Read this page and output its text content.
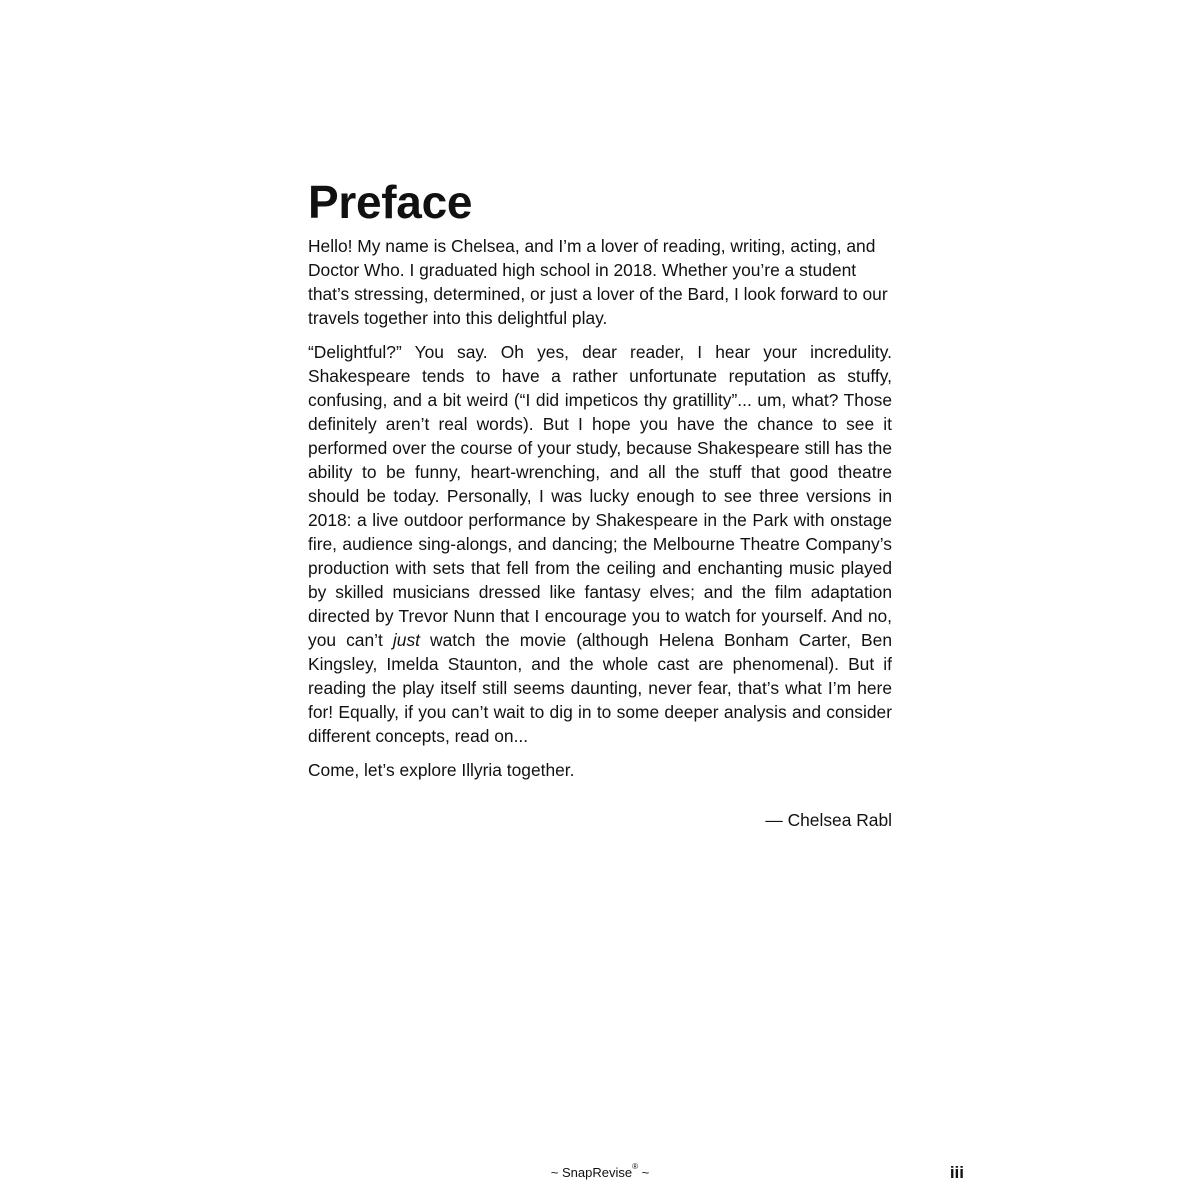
Preface

Hello! My name is Chelsea, and I’m a lover of reading, writing, acting, and Doctor Who. I graduated high school in 2018. Whether you’re a student that’s stressing, determined, or just a lover of the Bard, I look forward to our travels together into this delightful play.

“Delightful?” You say. Oh yes, dear reader, I hear your incredulity. Shakespeare tends to have a rather unfortunate reputation as stuffy, confusing, and a bit weird (“I did impeticos thy gratillity”... um, what? Those definitely aren’t real words). But I hope you have the chance to see it performed over the course of your study, because Shakespeare still has the ability to be funny, heart-wrenching, and all the stuff that good theatre should be today. Personally, I was lucky enough to see three versions in 2018: a live outdoor performance by Shakespeare in the Park with onstage fire, audience sing-alongs, and dancing; the Melbourne Theatre Company’s production with sets that fell from the ceiling and enchanting music played by skilled musicians dressed like fantasy elves; and the film adaptation directed by Trevor Nunn that I encourage you to watch for yourself. And no, you can’t just watch the movie (although Helena Bonham Carter, Ben Kingsley, Imelda Staunton, and the whole cast are phenomenal). But if reading the play itself still seems daunting, never fear, that’s what I’m here for! Equally, if you can’t wait to dig in to some deeper analysis and consider different concepts, read on...

Come, let’s explore Illyria together.

— Chelsea Rabl
~ SnapRevise® ~	iii
